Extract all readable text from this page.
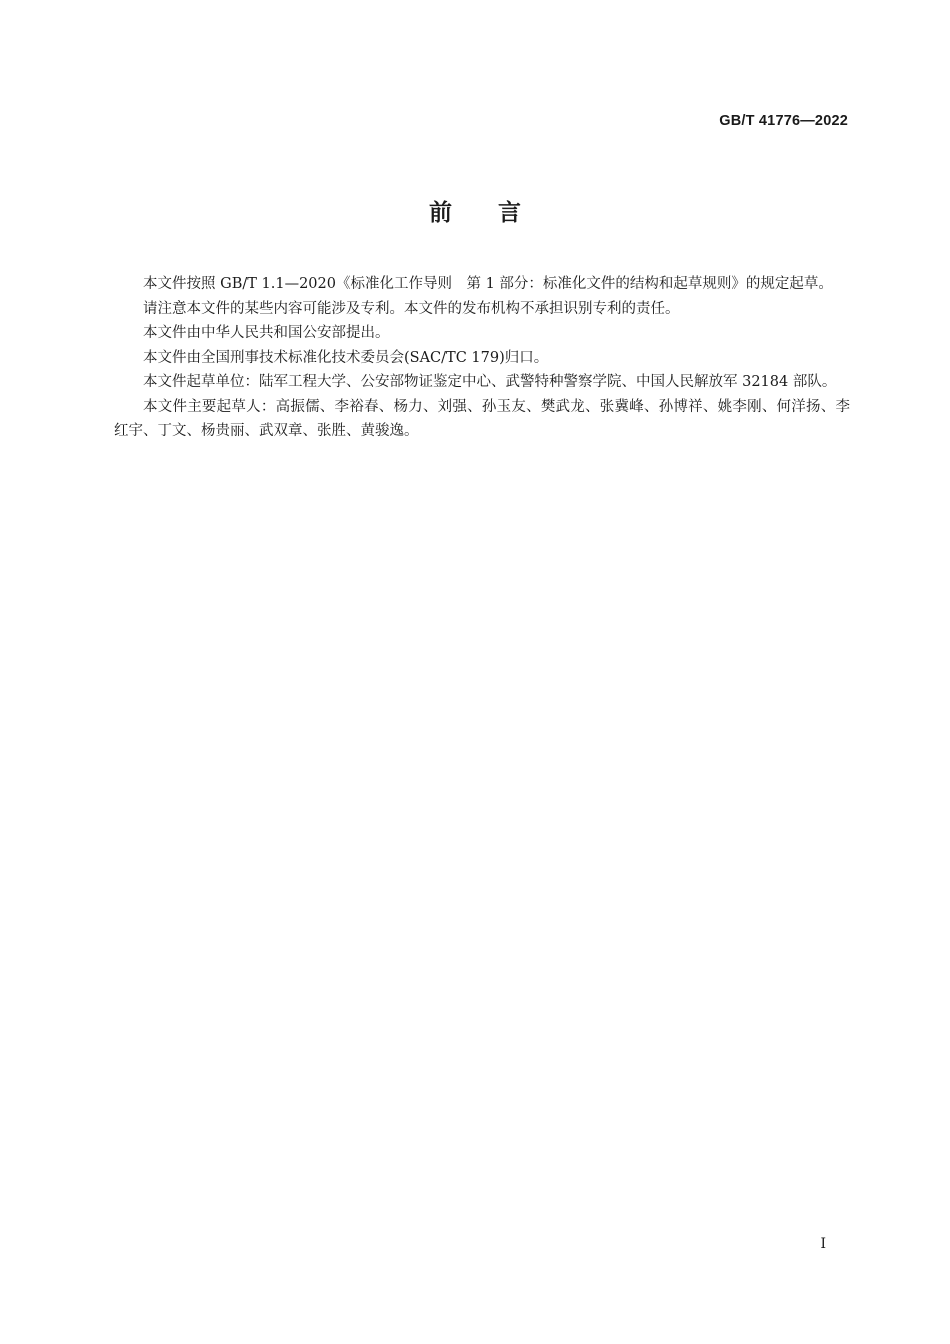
GB/T 41776—2022
前言

本文件按照 GB/T 1.1—2020《标准化工作导则　第 1 部分：标准化文件的结构和起草规则》的规定起草。

请注意本文件的某些内容可能涉及专利。本文件的发布机构不承担识别专利的责任。

本文件由中华人民共和国公安部提出。

本文件由全国刑事技术标准化技术委员会(SAC/TC 179)归口。

本文件起草单位：陆军工程大学、公安部物证鉴定中心、武警特种警察学院、中国人民解放军 32184 部队。

本文件主要起草人：高振儒、李裕春、杨力、刘强、孙玉友、樊武龙、张冀峰、孙博祥、姚李刚、何洋扬、李红宇、丁文、杨贵丽、武双章、张胜、黄骏逸。

I
